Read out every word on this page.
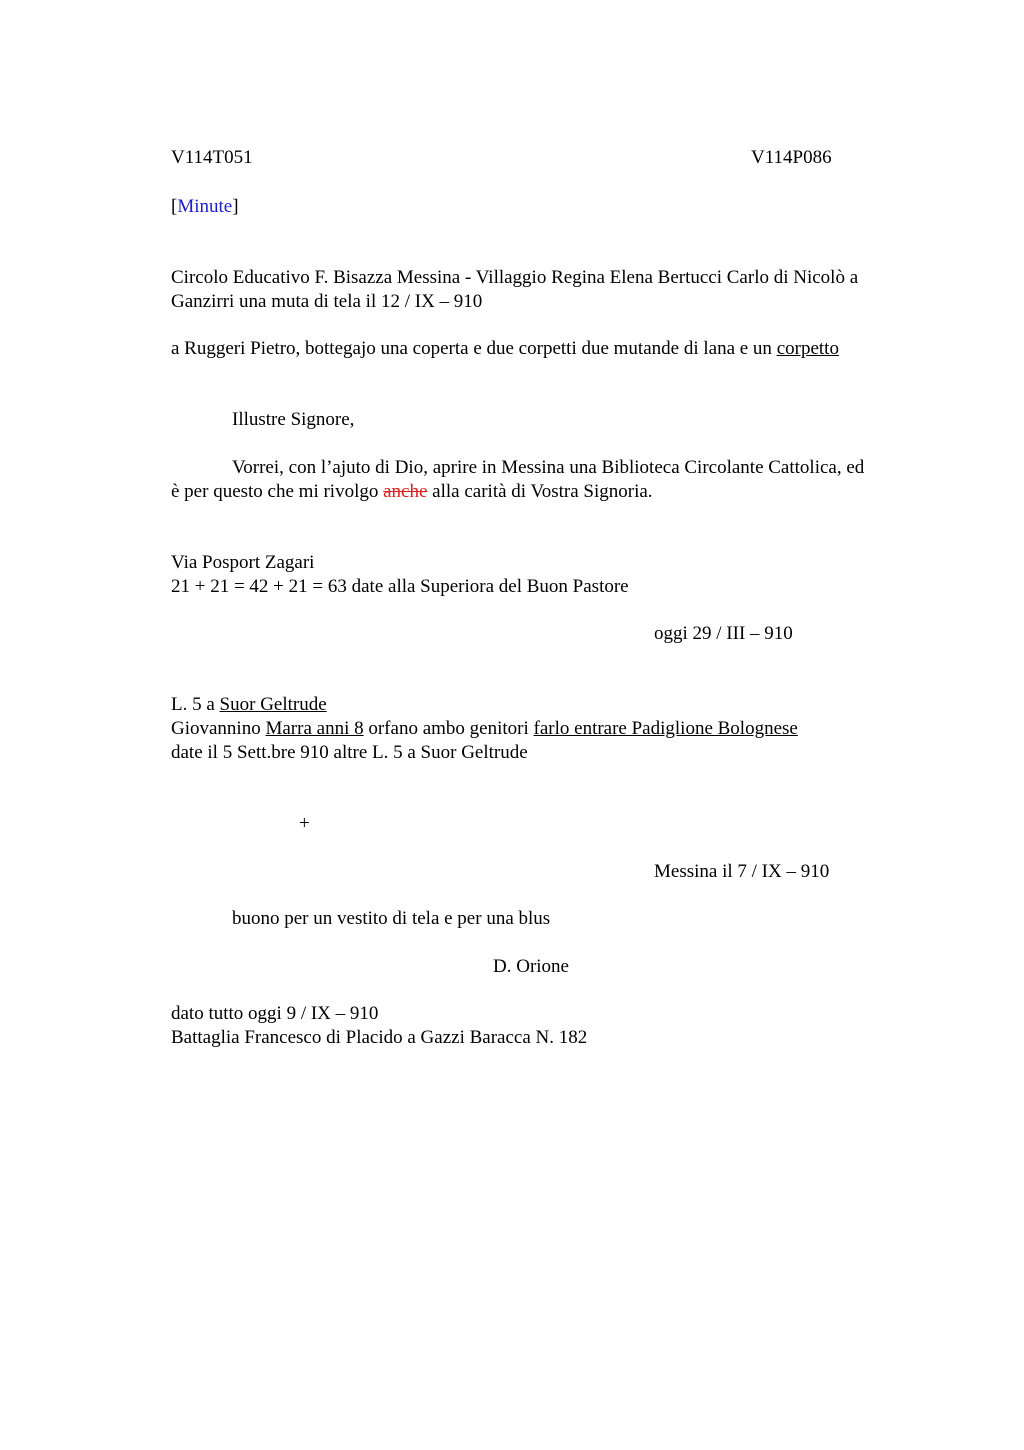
V114T051	V114P086
[Minute]
Circolo Educativo F. Bisazza Messina - Villaggio Regina Elena Bertucci Carlo di Nicolò a
Ganzirri una muta di tela il 12 / IX – 910
a Ruggeri Pietro, bottegajo una coperta e due corpetti due mutande di lana e un corpetto
Illustre Signore,
Vorrei, con l’ajuto di Dio, aprire in Messina una Biblioteca Circolante Cattolica, ed
è per questo che mi rivolgo anche alla carità di Vostra Signoria.
Via Posport Zagari
21 + 21 = 42 + 21 = 63 date alla Superiora del Buon Pastore
oggi 29 / III – 910
L. 5 a Suor Geltrude
Giovannino Marra anni 8 orfano ambo genitori farlo entrare Padiglione Bolognese
date il 5 Sett.bre 910 altre L. 5 a Suor Geltrude
+
Messina il 7 / IX – 910
buono per un vestito di tela e per una blus
D. Orione
dato tutto oggi 9 / IX – 910
Battaglia Francesco di Placido a Gazzi Baracca N. 182
